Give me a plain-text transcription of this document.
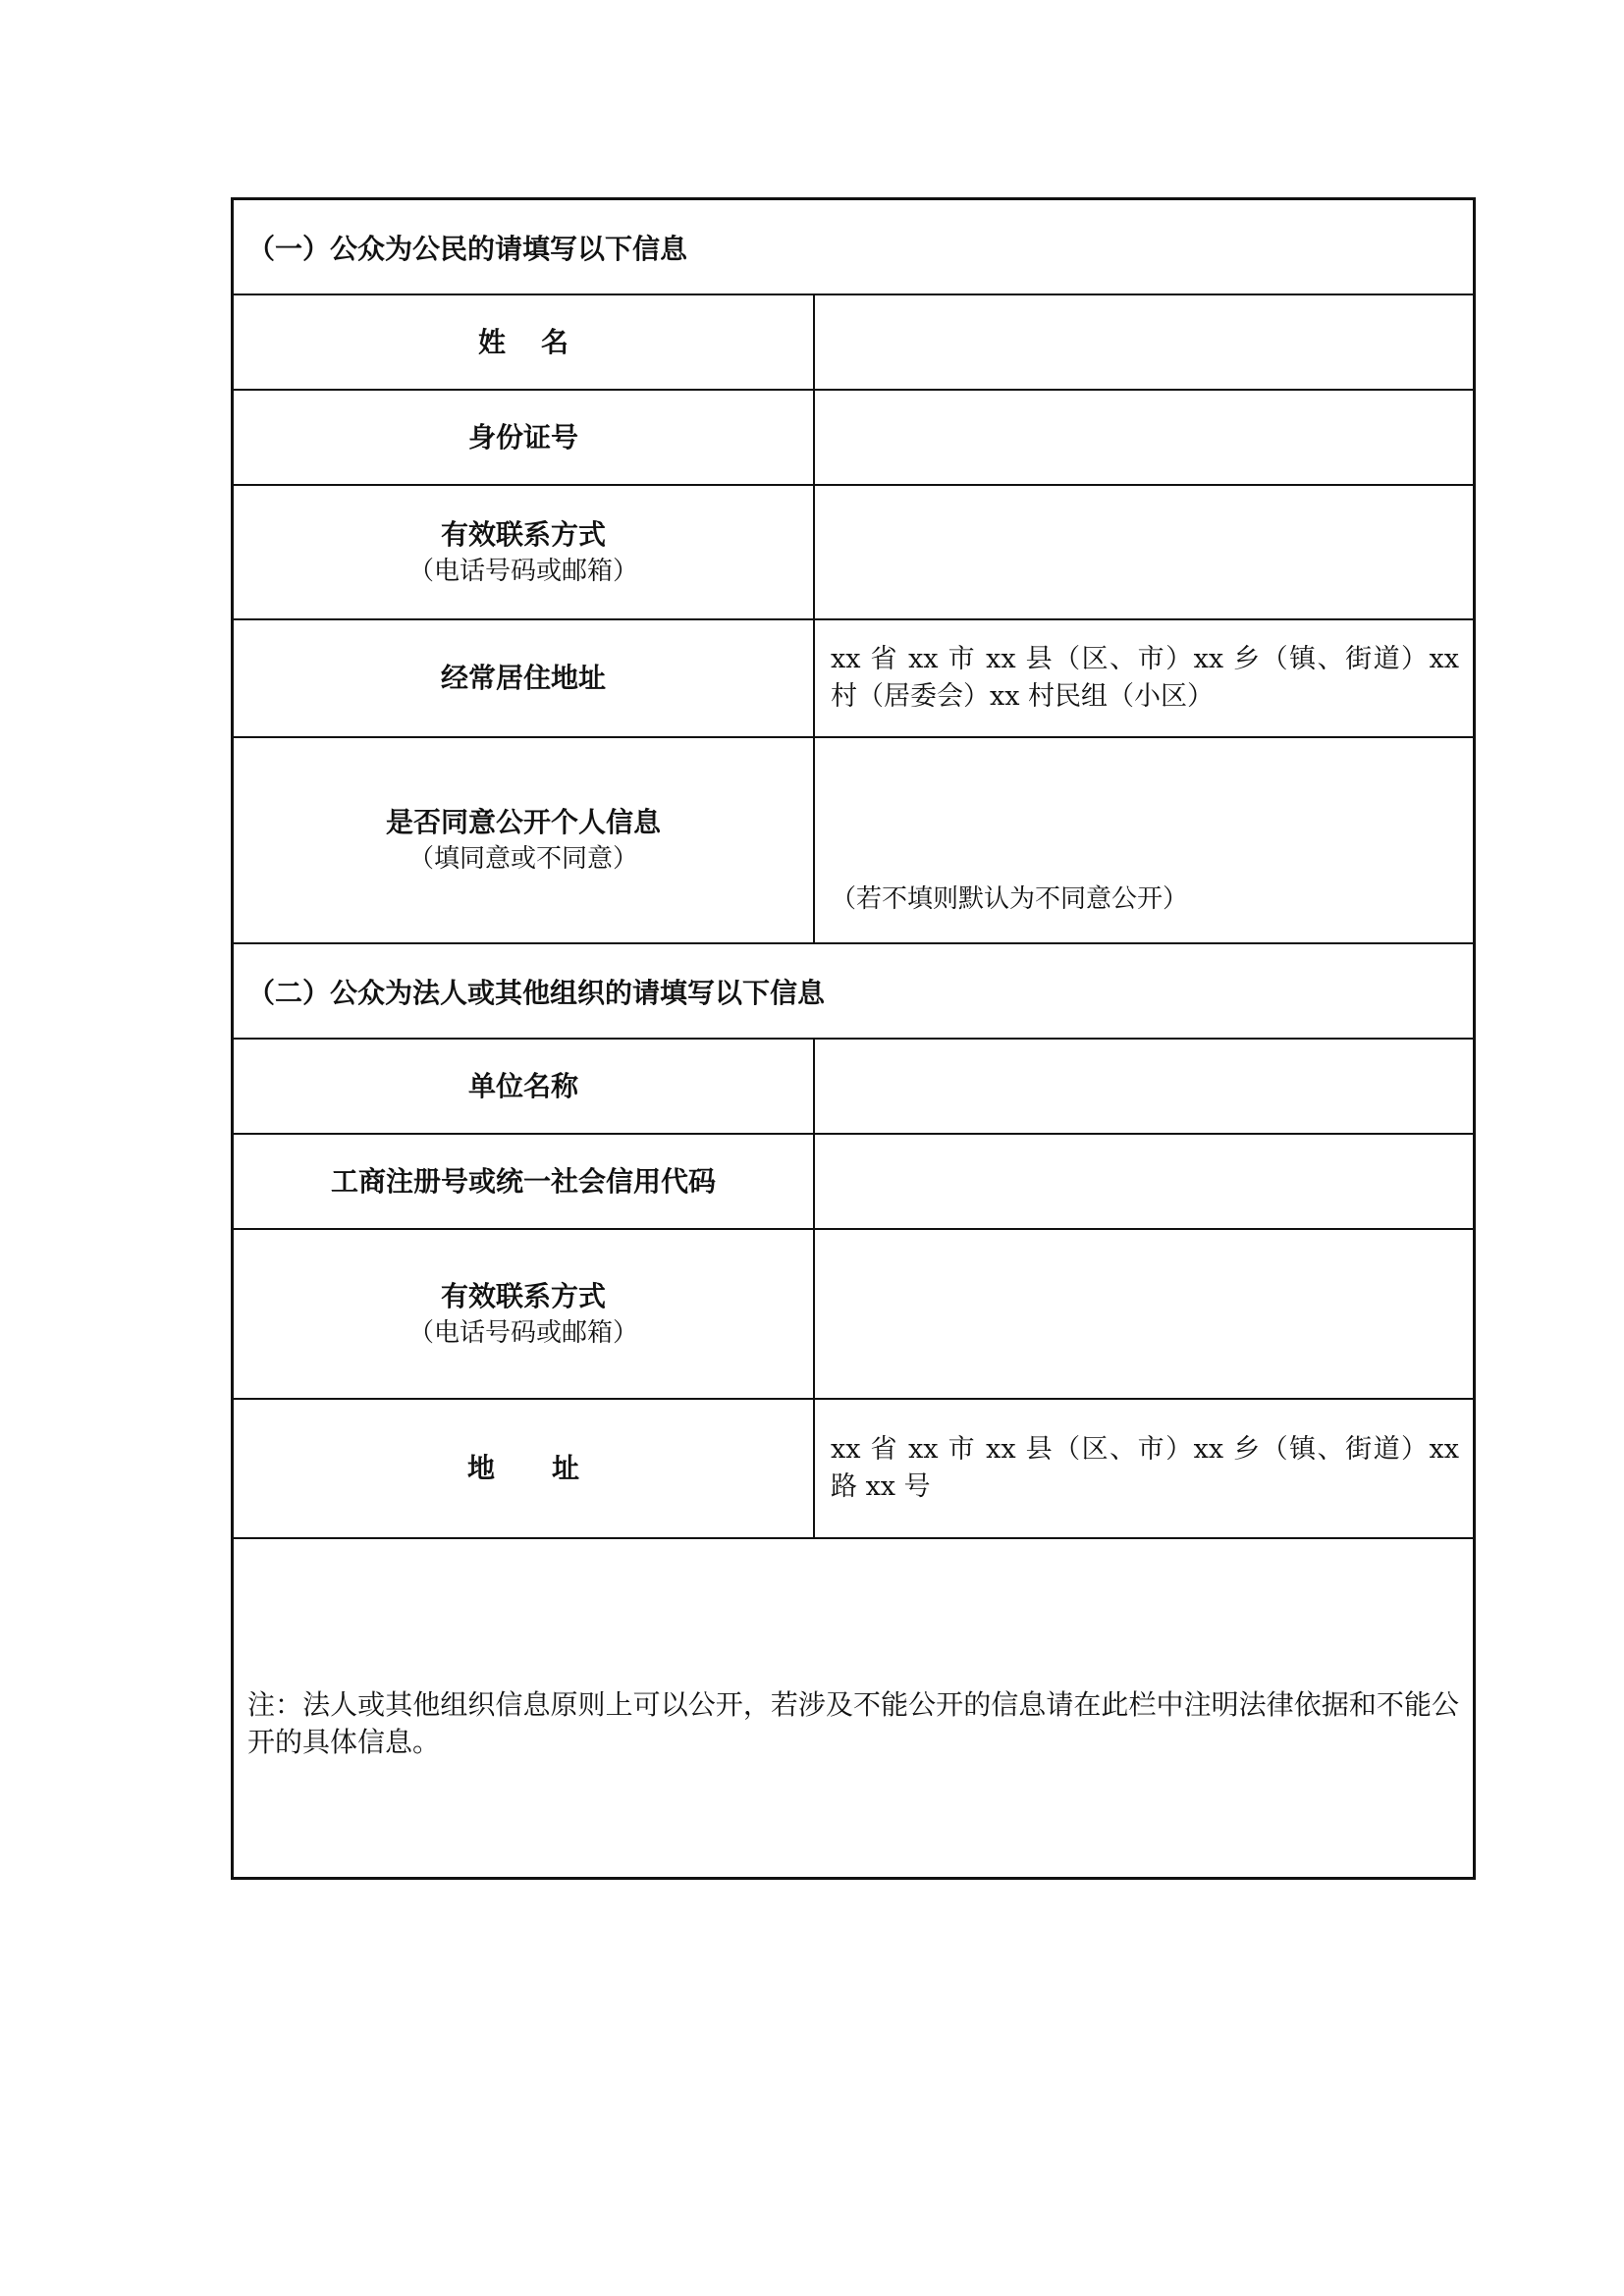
（一）公众为公民的请填写以下信息
姓名
身份证号
有效联系方式
（电话号码或邮箱）
经常居住地址
xx 省 xx 市 xx 县（区、市）xx 乡（镇、街道）xx 村（居委会）xx 村民组（小区）
是否同意公开个人信息
（填同意或不同意）
（若不填则默认为不同意公开）
（二）公众为法人或其他组织的请填写以下信息
单位名称
工商注册号或统一社会信用代码
有效联系方式
（电话号码或邮箱）
地址
xx 省 xx 市 xx 县（区、市）xx 乡（镇、街道）xx 路 xx 号
注：法人或其他组织信息原则上可以公开，若涉及不能公开的信息请在此栏中注明法律依据和不能公开的具体信息。
